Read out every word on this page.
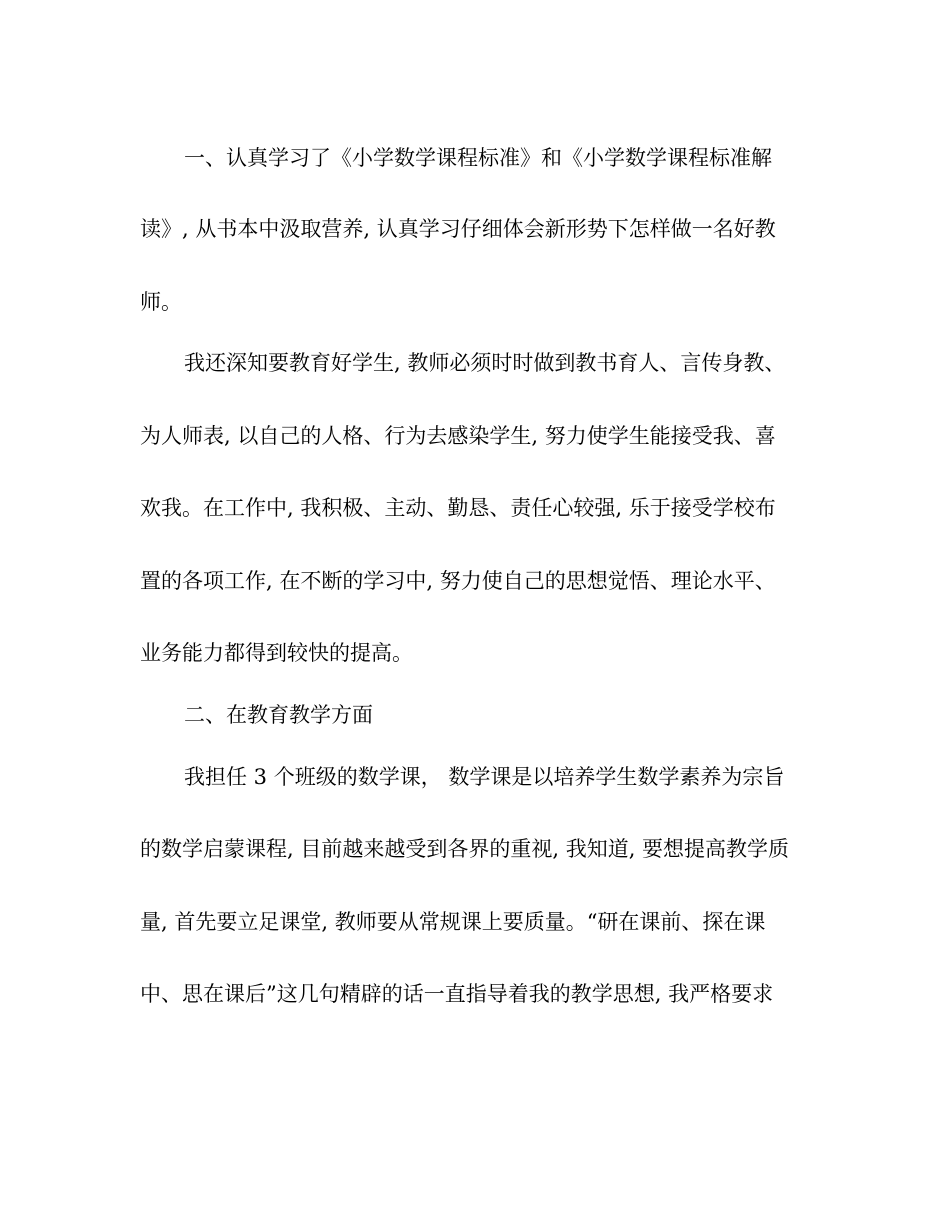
一、认真学习了《小学数学课程标准》和《小学数学课程标准解
读》, 从书本中汲取营养, 认真学习仔细体会新形势下怎样做一名好教
师。
我还深知要教育好学生, 教师必须时时做到教书育人、言传身教、
为人师表, 以自己的人格、行为去感染学生, 努力使学生能接受我、喜
欢我。在工作中, 我积极、主动、勤恳、责任心较强, 乐于接受学校布
置的各项工作, 在不断的学习中, 努力使自己的思想觉悟、理论水平、
业务能力都得到较快的提高。
二、在教育教学方面
我担任 3 个班级的数学课， 数学课是以培养学生数学素养为宗旨
的数学启蒙课程, 目前越来越受到各界的重视, 我知道, 要想提高教学质
量, 首先要立足课堂, 教师要从常规课上要质量。“研在课前、探在课
中、思在课后”这几句精辟的话一直指导着我的教学思想, 我严格要求
